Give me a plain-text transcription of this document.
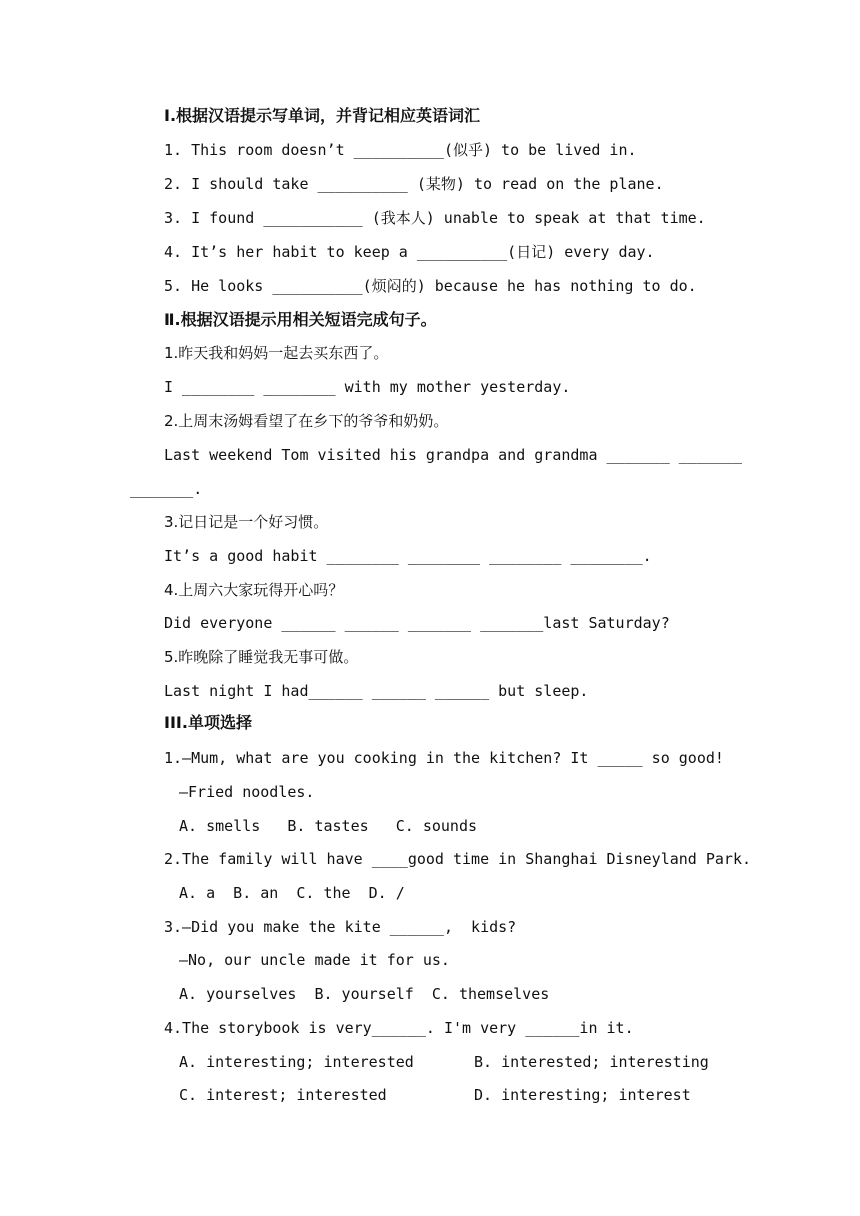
Ⅰ.根据汉语提示写单词，并背记相应英语词汇
1. This room doesn’t __________(似乎) to be lived in.
2. I should take __________ (某物) to read on the plane.
3. I found ___________ (我本人) unable to speak at that time.
4. It’s her habit to keep a __________(日记) every day.
5. He looks __________(烦闷的) because he has nothing to do.
Ⅱ.根据汉语提示用相关短语完成句子。
1.昨天我和妈妈一起去买东西了。
I ________ ________ with my mother yesterday.
2.上周末汤姆看望了在乡下的爷爷和奶奶。
Last weekend Tom visited his grandpa and grandma _______ _______
_______.
3.记日记是一个好习惯。
It’s a good habit ________ ________ ________ ________.
4.上周六大家玩得开心吗？
Did everyone ______ ______ _______ _______last Saturday?
5.昨晚除了睡觉我无事可做。
Last night I had______ ______ ______ but sleep.
III.单项选择
1.—Mum, what are you cooking in the kitchen? It _____ so good!
—Fried noodles.
A. smells   B. tastes   C. sounds
2.The family will have ____good time in Shanghai Disneyland Park.
A. a  B. an  C. the  D. /
3.—Did you make the kite ______,  kids?
—No, our uncle made it for us.
A. yourselves  B. yourself  C. themselves
4.The storybook is very______. I'm very ______in it.
A. interesting; interested	B. interested; interesting
C. interest; interested	D. interesting; interest
